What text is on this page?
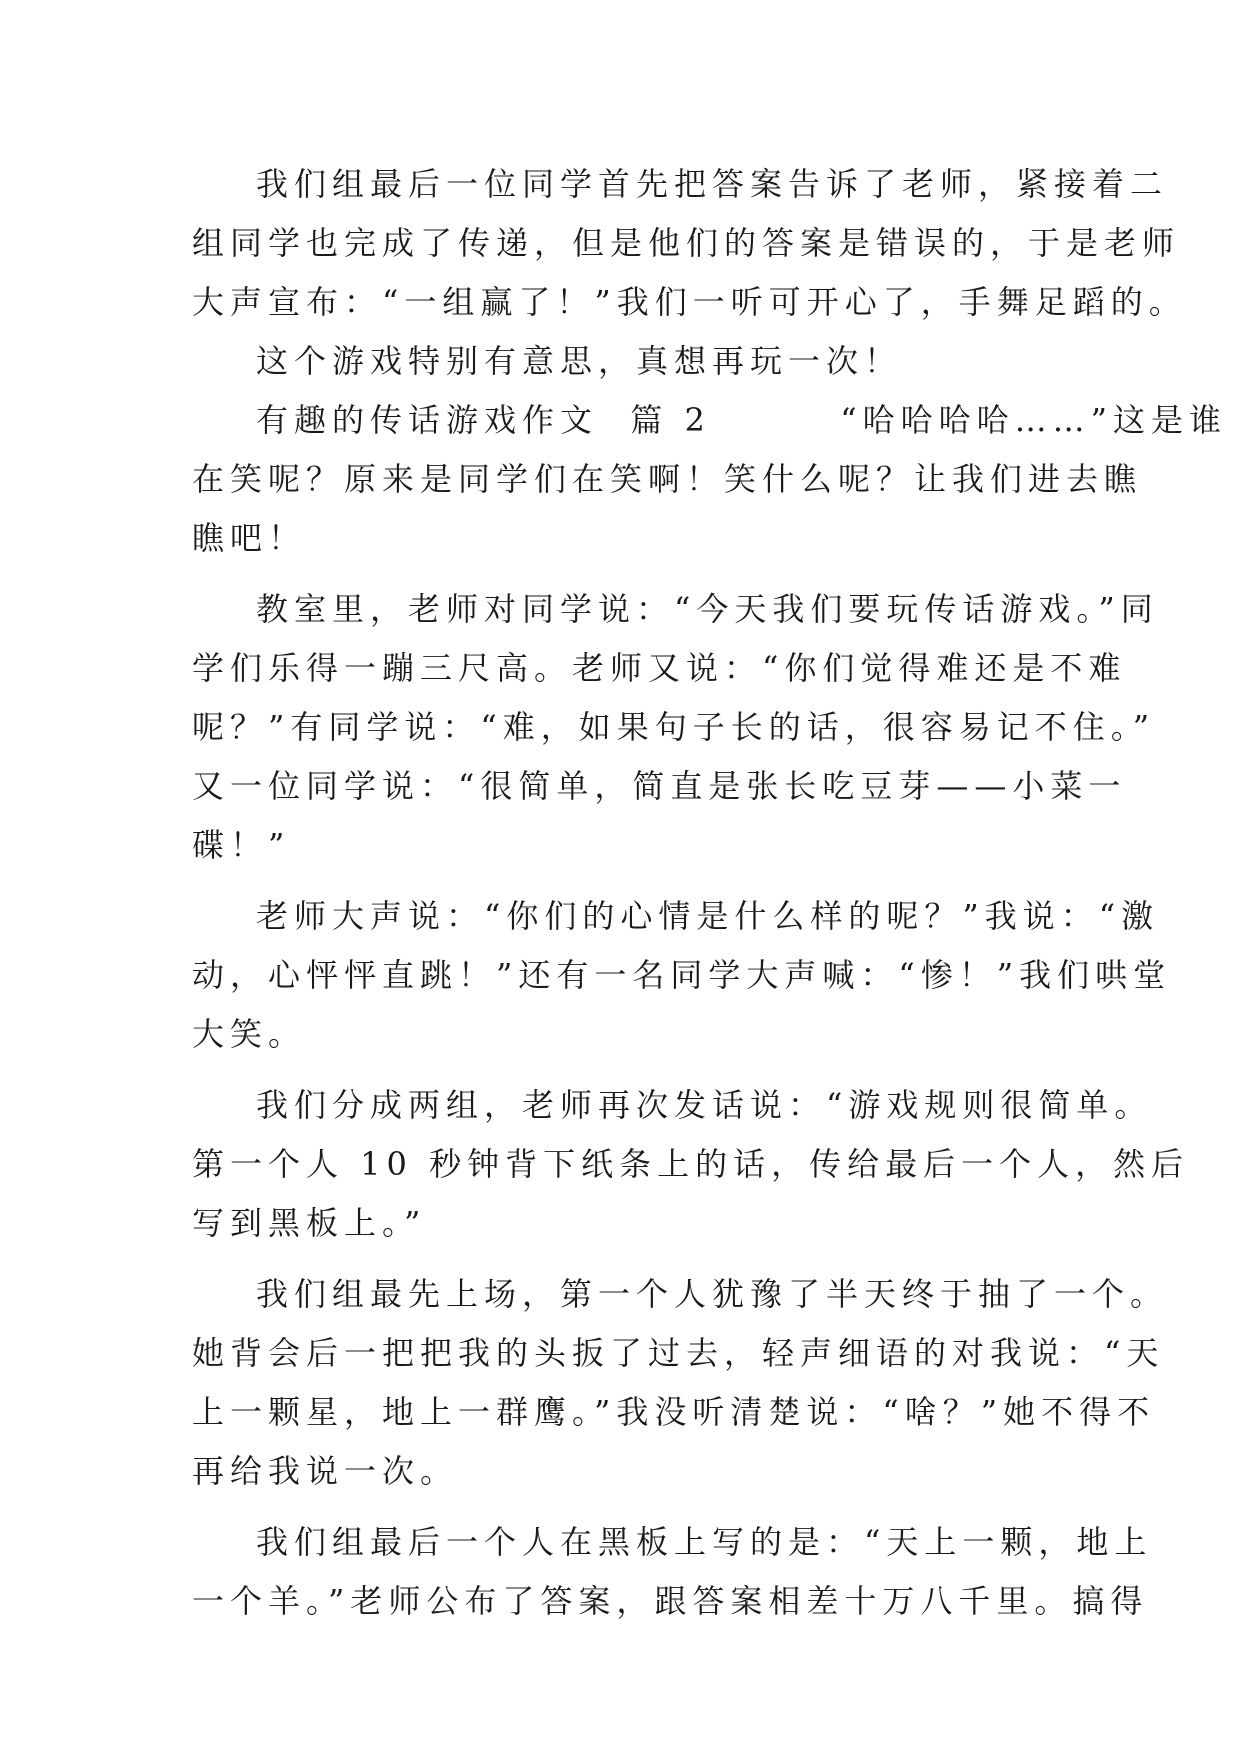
我们组最后一位同学首先把答案告诉了老师，紧接着二
组同学也完成了传递，但是他们的答案是错误的，于是老师
大声宣布：“一组赢了！”我们一听可开心了，手舞足蹈的。
这个游戏特别有意思，真想再玩一次！
有趣的传话游戏作文  篇 2        “哈哈哈哈……”这是谁
在笑呢？原来是同学们在笑啊！笑什么呢？让我们进去瞧
瞧吧！
教室里，老师对同学说：“今天我们要玩传话游戏。”同
学们乐得一蹦三尺高。老师又说：“你们觉得难还是不难
呢？”有同学说：“难，如果句子长的话，很容易记不住。”
又一位同学说：“很简单，简直是张长吃豆芽——小菜一
碟！”
老师大声说：“你们的心情是什么样的呢？”我说：“激
动，心怦怦直跳！”还有一名同学大声喊：“惨！”我们哄堂
大笑。
我们分成两组，老师再次发话说：“游戏规则很简单。
第一个人 10 秒钟背下纸条上的话，传给最后一个人，然后
写到黑板上。”
我们组最先上场，第一个人犹豫了半天终于抽了一个。
她背会后一把把我的头扳了过去，轻声细语的对我说：“天
上一颗星，地上一群鹰。”我没听清楚说：“啥？”她不得不
再给我说一次。
我们组最后一个人在黑板上写的是：“天上一颗，地上
一个羊。”老师公布了答案，跟答案相差十万八千里。搞得
